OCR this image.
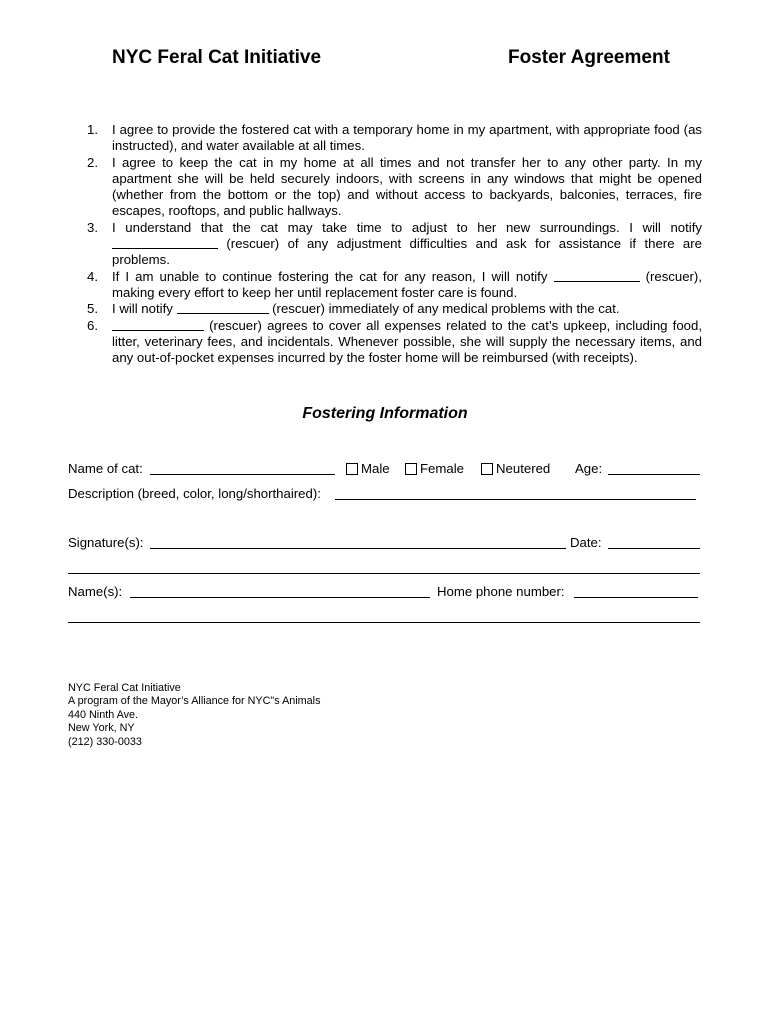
NYC Feral Cat Initiative	Foster Agreement
1.	I agree to provide the fostered cat with a temporary home in my apartment, with appropriate food (as instructed), and water available at all times.
2.	I agree to keep the cat in my home at all times and not transfer her to any other party. In my apartment she will be held securely indoors, with screens in any windows that might be opened (whether from the bottom or the top) and without access to backyards, balconies, terraces, fire escapes, rooftops, and public hallways.
3.	I understand that the cat may take time to adjust to her new surroundings. I will notify  (rescuer) of any adjustment difficulties and ask for assistance if there are problems.
4.	If I am unable to continue fostering the cat for any reason, I will notify	(rescuer), making every effort to keep her until replacement foster care is found.
5.	I will notify	(rescuer) immediately of any medical problems with the cat.
6.	(rescuer) agrees to cover all expenses related to the cat’s upkeep, including food, litter, veterinary fees, and incidentals. Whenever possible, she will supply the necessary items, and any out-of-pocket expenses incurred by the foster home will be reimbursed (with receipts).
Fostering Information
Name of cat:	Male	Female	Neutered Age:
Description (breed, color, long/shorthaired):
Signature(s):	Date:
Name(s):	Home phone number:
NYC Feral Cat Initiative
A program of the Mayor’s Alliance for NYC"s Animals
440 Ninth Ave.
New York, NY
(212) 330-0033
